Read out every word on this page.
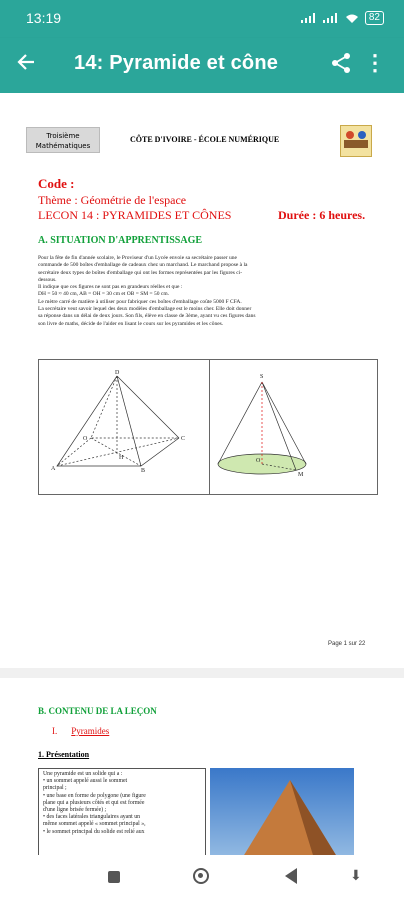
13:19	82
14: Pyramide et cône	⋮
Troisième
Mathématiques
CÔTE D'IVOIRE - ÉCOLE NUMÉRIQUE
Code :
Thème : Géométrie de l'espace
LECON 14 : PYRAMIDES ET CÔNES	Durée : 6 heures.
A. SITUATION D'APPRENTISSAGE
Pour la fête de fin d'année scolaire, le Proviseur d'un Lycée envoie sa secrétaire passer une
commande de 500 boîtes d'emballage de cadeaux chez un marchand. Le marchand propose à la
secrétaire deux types de boîtes d'emballage qui ont les formes représentées par les figures ci-
dessous.
Il indique que ces figures ne sont pas en grandeurs réelles et que :
DH = 50 ≈ 40 cm, AB = OH = 30 cm et OB = SM = 50 cm.
Le mètre carré de matière à utiliser pour fabriquer ces boîtes d'emballage coûte 5000 F CFA.
La secrétaire veut savoir lequel des deux modèles d'emballage est le moins cher. Elle doit donner
sa réponse dans un délai de deux jours. Son fils, élève en classe de 3ème, ayant vu ces figures dans
son livre de maths, décide de l'aider en lisant le cours sur les pyramides et les cônes.
D
H
O
A	B
C
S
O
M
Page 1 sur 22
B. CONTENU DE LA LEÇON
I. Pyramides
1. Présentation
Une pyramide est un solide qui a :
• un sommet appelé aussi le sommet
principal ;
• une base en forme de polygone (une figure
plane qui a plusieurs côtés et qui est formée
d'une ligne brisée fermée) ;
• des faces latérales triangulaires ayant un
même sommet appelé « sommet principal »,
• le sommet principal du solide est relié aux
⬇
